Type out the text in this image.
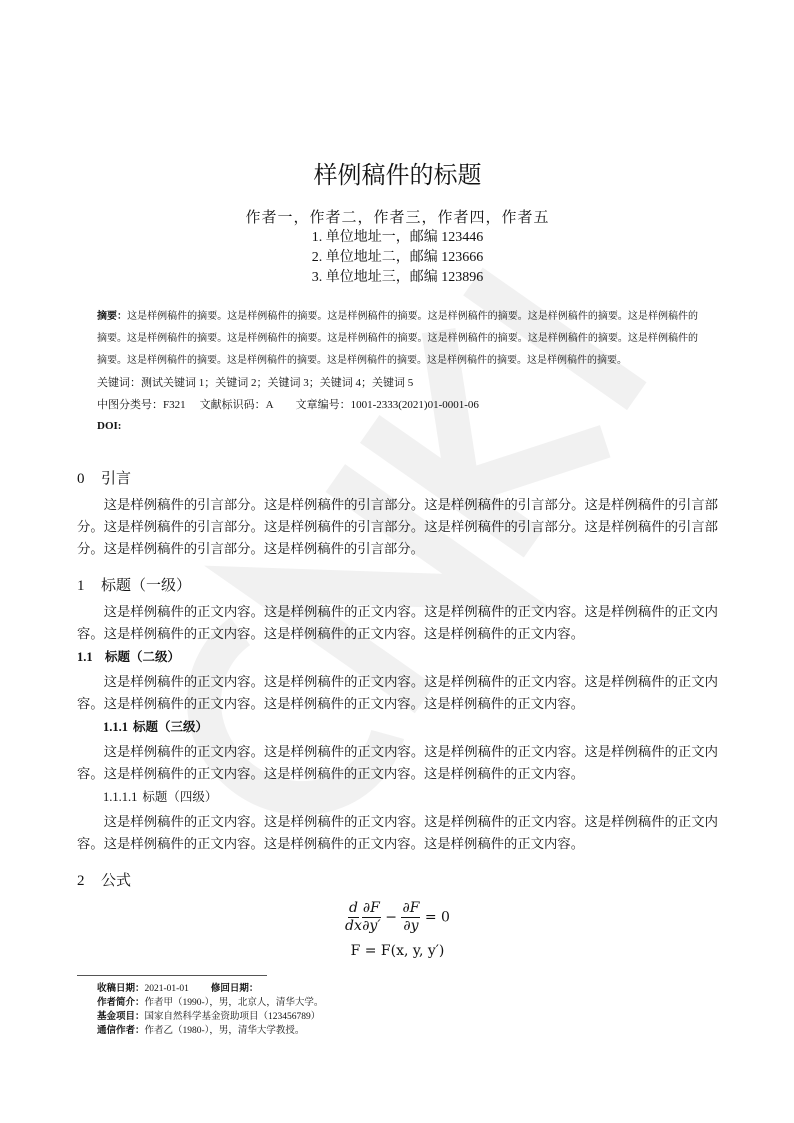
样例稿件的标题
作者一，作者二，作者三，作者四，作者五
1. 单位地址一，邮编 123446
2. 单位地址二，邮编 123666
3. 单位地址三，邮编 123896
摘要：这是样例稿件的摘要。这是样例稿件的摘要。这是样例稿件的摘要。这是样例稿件的摘要。这是样例稿件的摘要。这是样例稿件的摘要。这是样例稿件的摘要。这是样例稿件的摘要。这是样例稿件的摘要。这是样例稿件的摘要。这是样例稿件的摘要。这是样例稿件的摘要。这是样例稿件的摘要。这是样例稿件的摘要。这是样例稿件的摘要。这是样例稿件的摘要。这是样例稿件的摘要。
关键词：测试关键词 1；关键词 2；关键词 3；关键词 4；关键词 5
中图分类号：F321 文献标识码：A 文章编号：1001-2333(2021)01-0001-06
DOI:
0 引言
这是样例稿件的引言部分。这是样例稿件的引言部分。这是样例稿件的引言部分。这是样例稿件的引言部分。这是样例稿件的引言部分。这是样例稿件的引言部分。这是样例稿件的引言部分。这是样例稿件的引言部分。这是样例稿件的引言部分。这是样例稿件的引言部分。
1 标题（一级）
这是样例稿件的正文内容。这是样例稿件的正文内容。这是样例稿件的正文内容。这是样例稿件的正文内容。这是样例稿件的正文内容。这是样例稿件的正文内容。这是样例稿件的正文内容。
1.1 标题（二级）
这是样例稿件的正文内容。这是样例稿件的正文内容。这是样例稿件的正文内容。这是样例稿件的正文内容。这是样例稿件的正文内容。这是样例稿件的正文内容。这是样例稿件的正文内容。
1.1.1 标题（三级）
这是样例稿件的正文内容。这是样例稿件的正文内容。这是样例稿件的正文内容。这是样例稿件的正文内容。这是样例稿件的正文内容。这是样例稿件的正文内容。这是样例稿件的正文内容。
1.1.1.1 标题（四级）
这是样例稿件的正文内容。这是样例稿件的正文内容。这是样例稿件的正文内容。这是样例稿件的正文内容。这是样例稿件的正文内容。这是样例稿件的正文内容。这是样例稿件的正文内容。
2 公式
$\frac{d}{dx} \frac{\partial F}{\partial y'} - \frac{\partial F}{\partial y} = 0$
F = F(x, y, y′)
收稿日期：2021-01-01 修回日期：
作者简介：作者甲（1990-），男，北京人，清华大学。
基金项目：国家自然科学基金资助项目（123456789）
通信作者：作者乙（1980-），男，清华大学教授。
